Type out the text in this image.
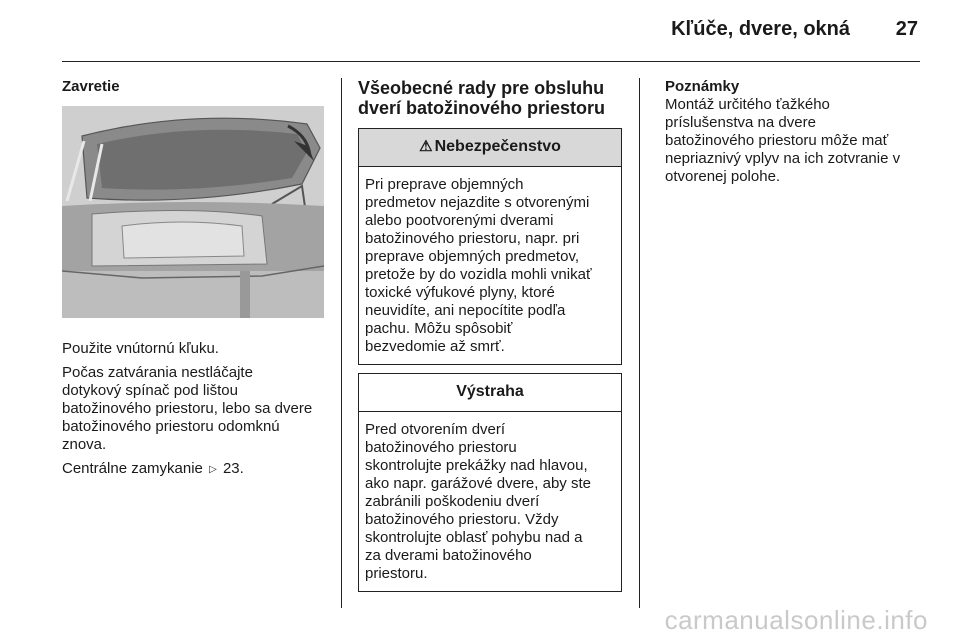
Kľúče, dvere, okná 27
Zavretie

Použite vnútornú kľuku.

Počas zatvárania nestláčajte
dotykový spínač pod lištou
batožinového priestoru, lebo sa dvere
batožinového priestoru odomknú
znova.

Centrálne zamykanie ▷ 23.

Všeobecné rady pre obsluhu
dverí batožinového priestoru
⚠ Nebezpečenstvo
Pri preprave objemných
predmetov nejazdite s otvorenými
alebo pootvorenými dverami
batožinového priestoru, napr. pri
preprave objemných predmetov,
pretože by do vozidla mohli vnikať
toxické výfukové plyny, ktoré
neuvidíte, ani nepocítite podľa
pachu. Môžu spôsobiť
bezvedomie až smrť.
Výstraha
Pred otvorením dverí
batožinového priestoru
skontrolujte prekážky nad hlavou,
ako napr. garážové dvere, aby ste
zabránili poškodeniu dverí
batožinového priestoru. Vždy
skontrolujte oblasť pohybu nad a
za dverami batožinového
priestoru.
Poznámky
Montáž určitého ťažkého
príslušenstva na dvere
batožinového priestoru môže mať
nepriaznivý vplyv na ich zotvranie v
otvorenej polohe.
carmanualsonline.info
